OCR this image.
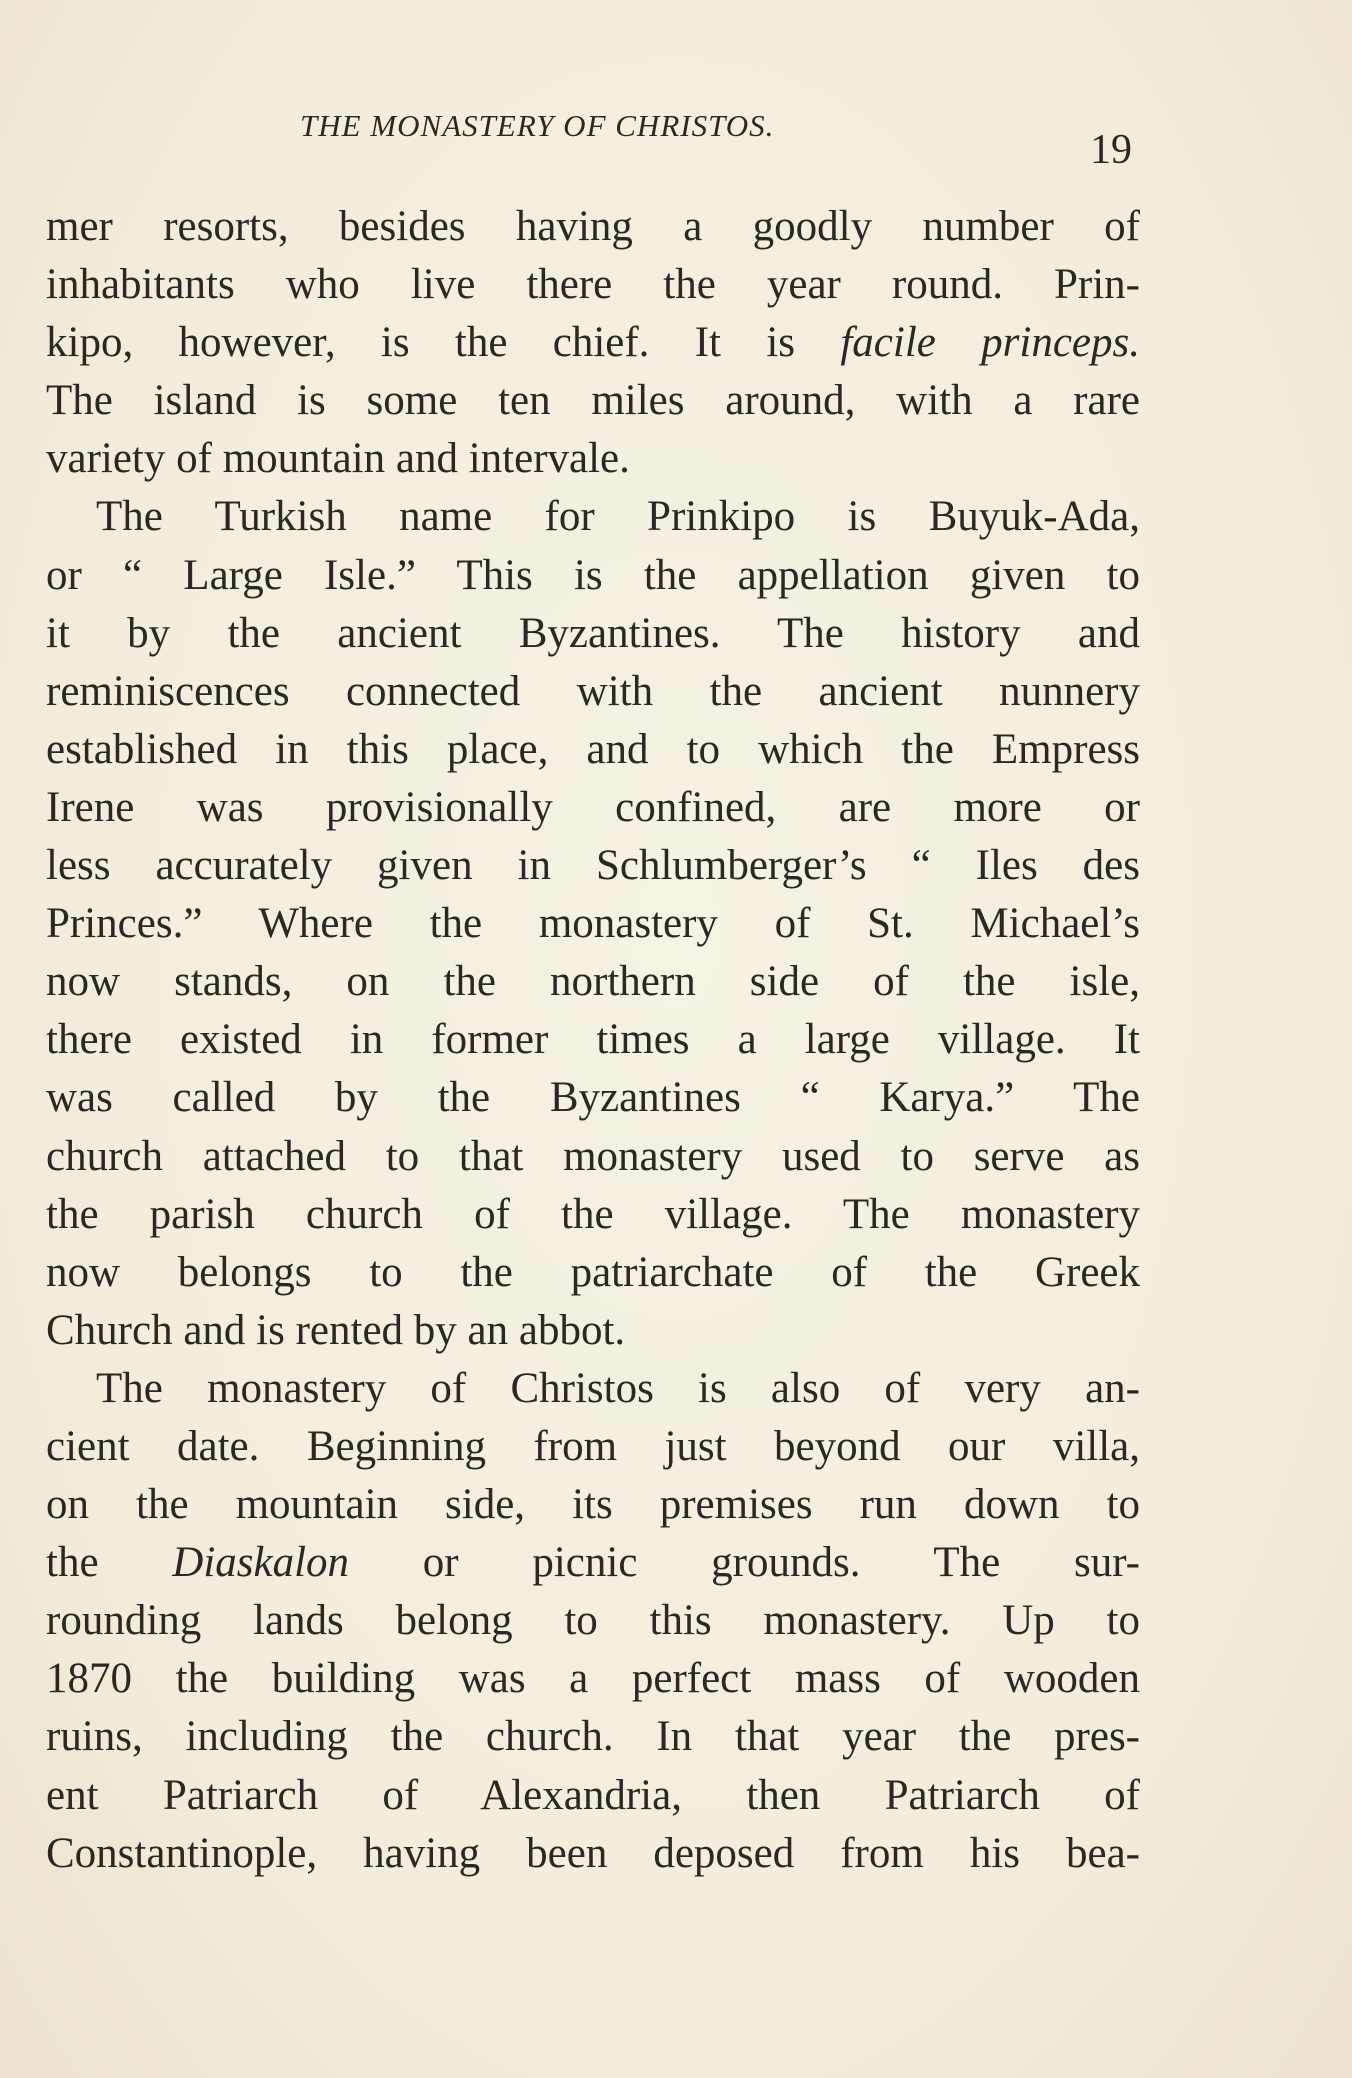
THE MONASTERY OF CHRISTOS.
19
mer resorts, besides having a goodly number of
inhabitants who live there the year round. Prin-
kipo, however, is the chief. It is facile princeps.
The island is some ten miles around, with a rare
variety of mountain and intervale.
The Turkish name for Prinkipo is Buyuk-Ada,
or “ Large Isle.” This is the appellation given to
it by the ancient Byzantines. The history and
reminiscences connected with the ancient nunnery
established in this place, and to which the Empress
Irene was provisionally confined, are more or
less accurately given in Schlumberger’s “ Iles des
Princes.” Where the monastery of St. Michael’s
now stands, on the northern side of the isle,
there existed in former times a large village. It
was called by the Byzantines “ Karya.” The
church attached to that monastery used to serve as
the parish church of the village. The monastery
now belongs to the patriarchate of the Greek
Church and is rented by an abbot.
The monastery of Christos is also of very an-
cient date. Beginning from just beyond our villa,
on the mountain side, its premises run down to
the Diaskalon or picnic grounds. The sur-
rounding lands belong to this monastery. Up to
1870 the building was a perfect mass of wooden
ruins, including the church. In that year the pres-
ent Patriarch of Alexandria, then Patriarch of
Constantinople, having been deposed from his bea-
